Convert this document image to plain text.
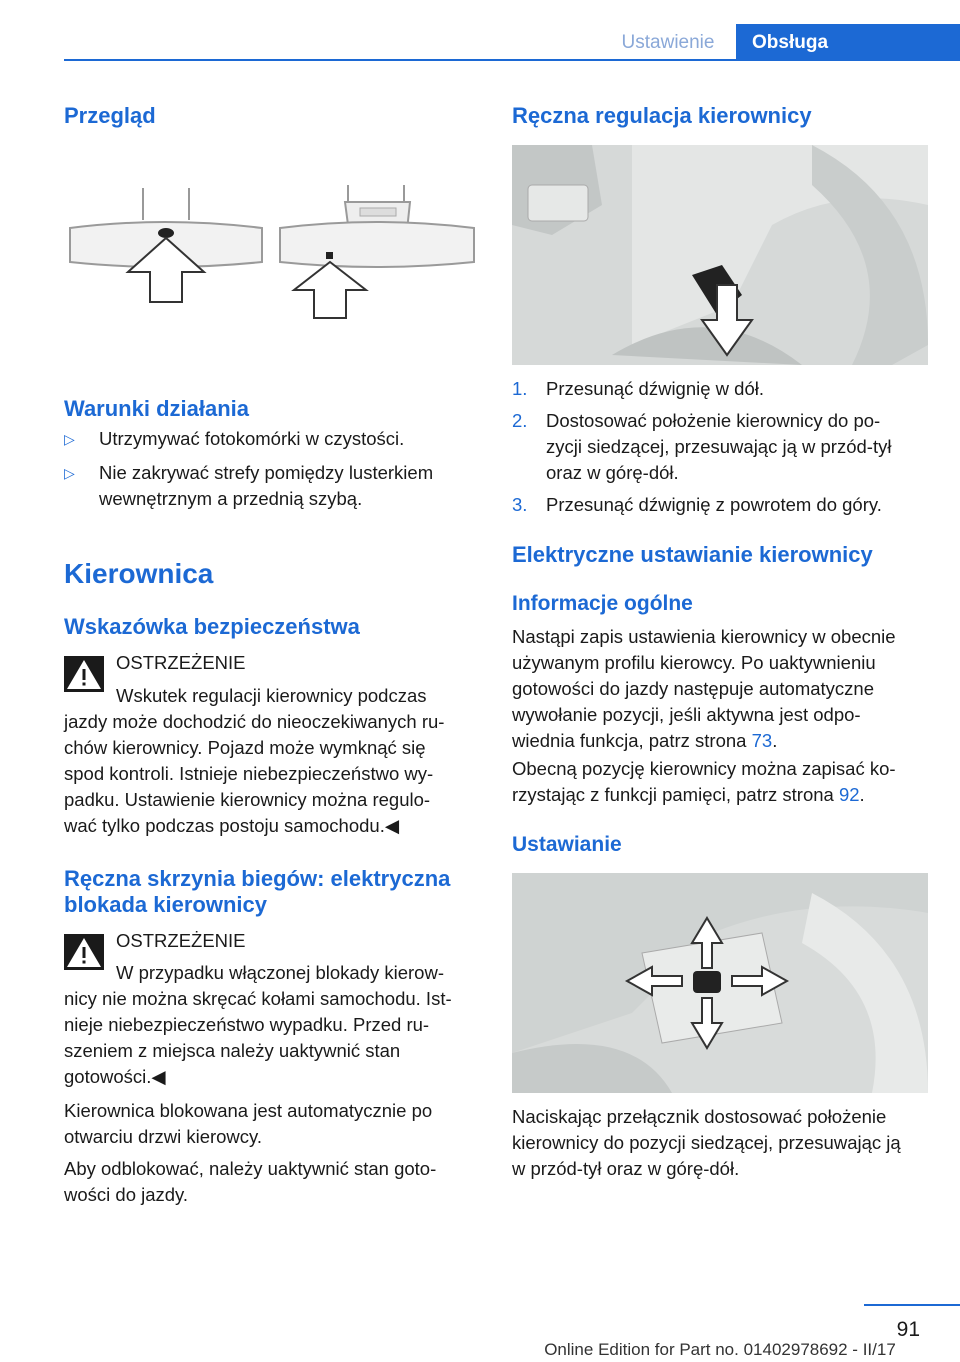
Ustawienie	Obsługa
Przegląd
Warunki działania
▷ Utrzymywać fotokomórki w czystości.
▷ Nie zakrywać strefy pomiędzy lusterkiem wewnętrznym a przednią szybą.
Kierownica
Wskazówka bezpieczeństwa
OSTRZEŻENIE
Wskutek regulacji kierownicy podczas
jazdy może dochodzić do nieoczekiwanych ru-
chów kierownicy. Pojazd może wymknąć się
spod kontroli. Istnieje niebezpieczeństwo wy-
padku. Ustawienie kierownicy można regulo-
wać tylko podczas postoju samochodu.◀
Ręczna skrzynia biegów: elektryczna
blokada kierownicy
OSTRZEŻENIE
W przypadku włączonej blokady kierow-
nicy nie można skręcać kołami samochodu. Ist-
nieje niebezpieczeństwo wypadku. Przed ru-
szeniem z miejsca należy uaktywnić stan
gotowości.◀
Kierownica blokowana jest automatycznie po
otwarciu drzwi kierowcy.
Aby odblokować, należy uaktywnić stan goto-
wości do jazdy.
Ręczna regulacja kierownicy
1. Przesunąć dźwignię w dół.
2. Dostosować położenie kierownicy do po-
zycji siedzącej, przesuwając ją w przód-tył
oraz w górę-dół.
3. Przesunąć dźwignię z powrotem do góry.
Elektryczne ustawianie kierownicy
Informacje ogólne
Nastąpi zapis ustawienia kierownicy w obecnie
używanym profilu kierowcy. Po uaktywnieniu
gotowości do jazdy następuje automatyczne
wywołanie pozycji, jeśli aktywna jest odpo-
wiednia funkcja, patrz strona 73.
Obecną pozycję kierownicy można zapisać ko-
rzystając z funkcji pamięci, patrz strona 92.
Ustawianie
Naciskając przełącznik dostosować położenie
kierownicy do pozycji siedzącej, przesuwając ją
w przód-tył oraz w górę-dół.
91
Online Edition for Part no. 01402978692 - II/17
